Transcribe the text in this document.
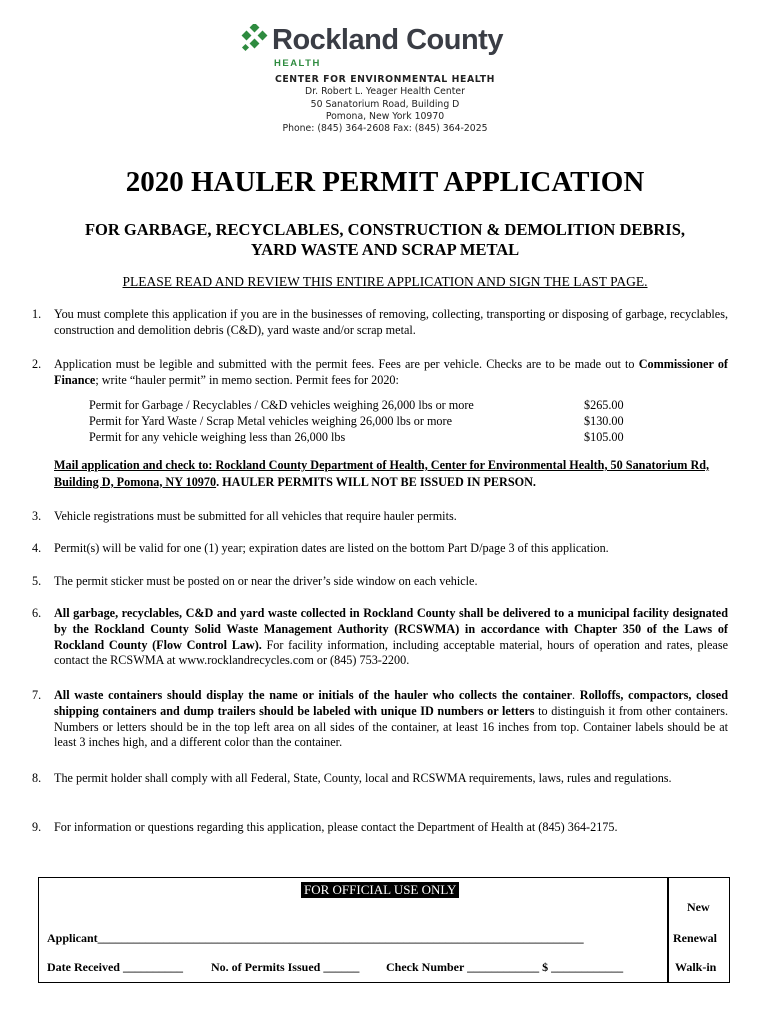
Rockland County
HEALTH
CENTER FOR ENVIRONMENTAL HEALTH
Dr. Robert L. Yeager Health Center
50 Sanatorium Road, Building D
Pomona, New York 10970
Phone: (845) 364-2608 Fax: (845) 364-2025
2020 HAULER PERMIT APPLICATION
FOR GARBAGE, RECYCLABLES, CONSTRUCTION & DEMOLITION DEBRIS,
YARD WASTE AND SCRAP METAL
PLEASE READ AND REVIEW THIS ENTIRE APPLICATION AND SIGN THE LAST PAGE.
1. You must complete this application if you are in the businesses of removing, collecting, transporting or disposing of garbage, recyclables, construction and demolition debris (C&D), yard waste and/or scrap metal.
2. Application must be legible and submitted with the permit fees. Fees are per vehicle. Checks are to be made out to Commissioner of Finance; write “hauler permit” in memo section. Permit fees for 2020:
Permit for Garbage / Recyclables / C&D vehicles weighing 26,000 lbs or more	$265.00
Permit for Yard Waste / Scrap Metal vehicles weighing 26,000 lbs or more	$130.00
Permit for any vehicle weighing less than 26,000 lbs	$105.00
Mail application and check to: Rockland County Department of Health, Center for Environmental Health, 50 Sanatorium Rd, Building D, Pomona, NY 10970. HAULER PERMITS WILL NOT BE ISSUED IN PERSON.
3. Vehicle registrations must be submitted for all vehicles that require hauler permits.
4. Permit(s) will be valid for one (1) year; expiration dates are listed on the bottom Part D/page 3 of this application.
5. The permit sticker must be posted on or near the driver’s side window on each vehicle.
6. All garbage, recyclables, C&D and yard waste collected in Rockland County shall be delivered to a municipal facility designated by the Rockland County Solid Waste Management Authority (RCSWMA) in accordance with Chapter 350 of the Laws of Rockland County (Flow Control Law). For facility information, including acceptable material, hours of operation and rates, please contact the RCSWMA at www.rocklandrecycles.com or (845) 753-2200.
7. All waste containers should display the name or initials of the hauler who collects the container. Rolloffs, compactors, closed shipping containers and dump trailers should be labeled with unique ID numbers or letters to distinguish it from other containers. Numbers or letters should be in the top left area on all sides of the container, at least 16 inches from top. Container labels should be at least 3 inches high, and a different color than the container.
8. The permit holder shall comply with all Federal, State, County, local and RCSWMA requirements, laws, rules and regulations.
9. For information or questions regarding this application, please contact the Department of Health at (845) 364-2175.
FOR OFFICIAL USE ONLY
Applicant_________________________________________________________________________________
Date Received __________ No. of Permits Issued ______ Check Number ____________ $ ____________
New
Renewal
Walk-in
